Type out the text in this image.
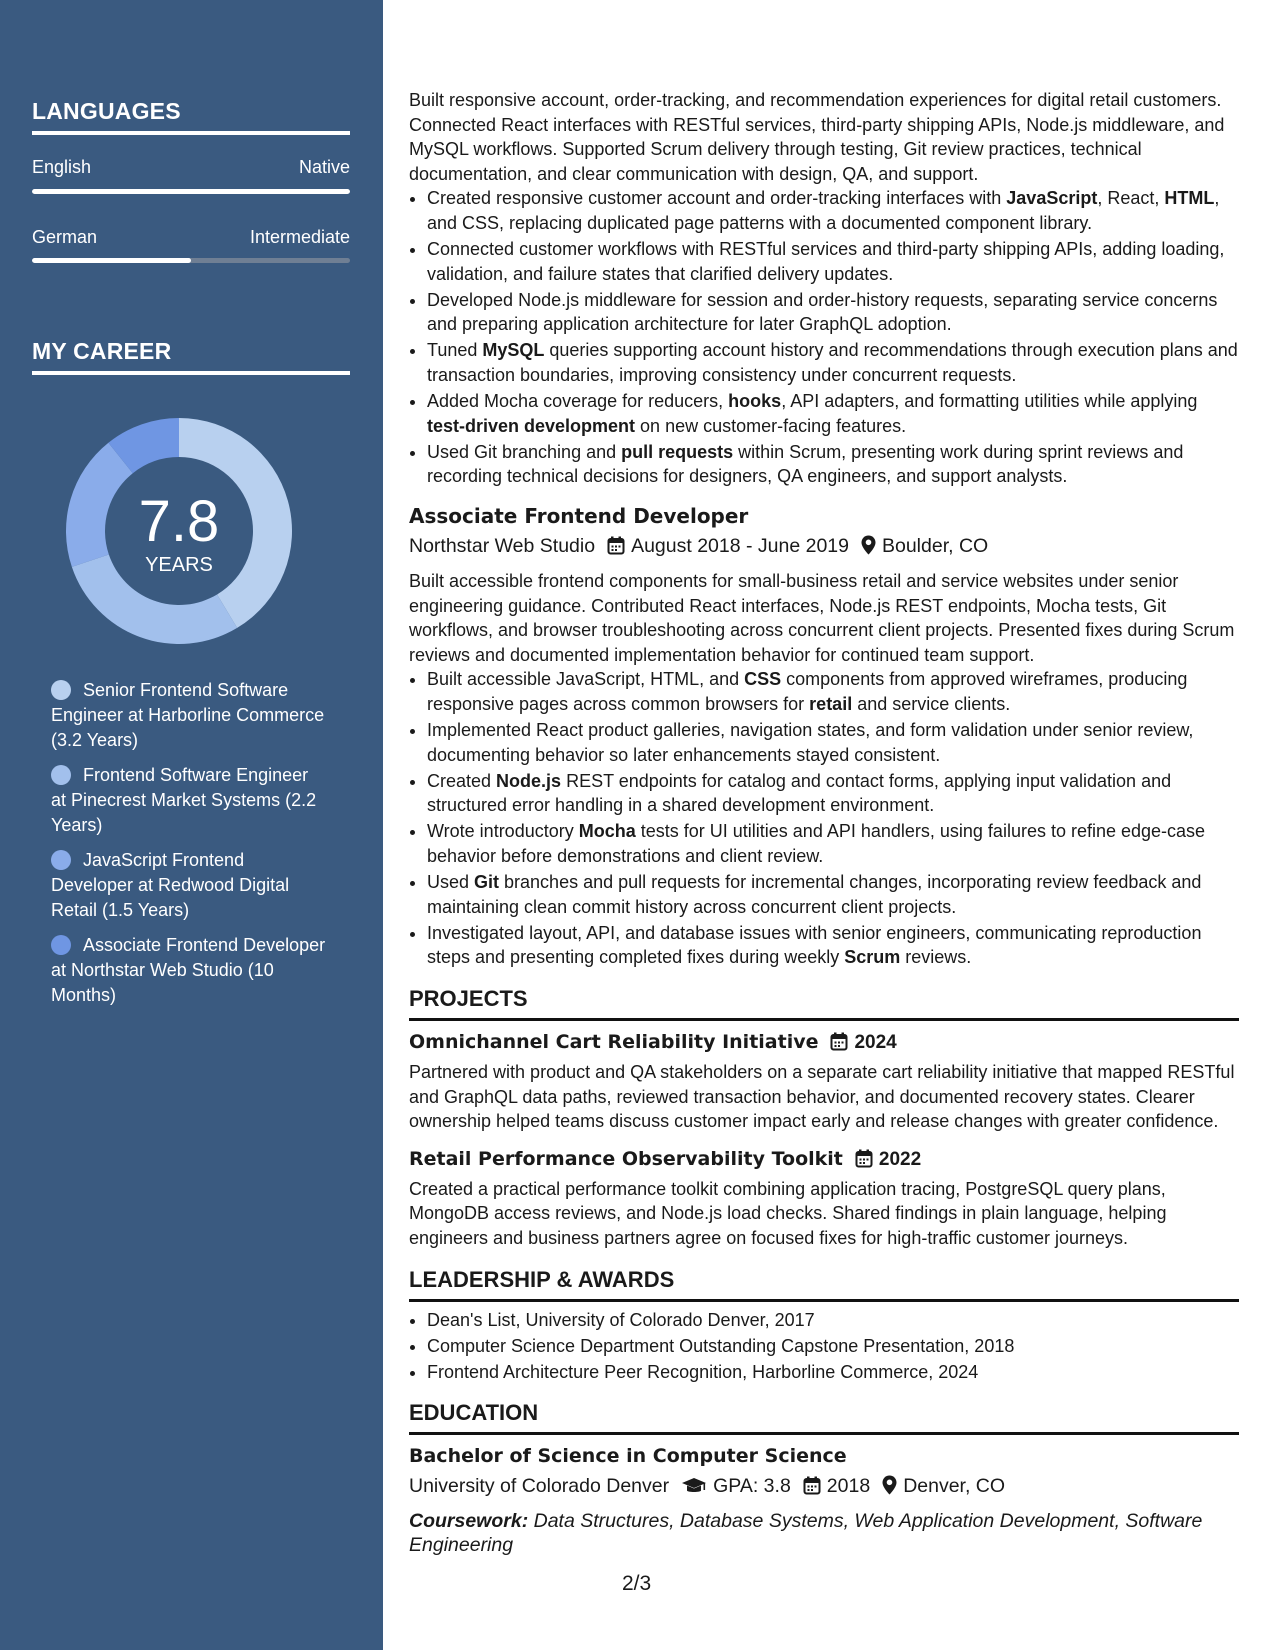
LANGUAGES
English	Native
German	Intermediate
MY CAREER
7.8
YEARS
Senior Frontend Software Engineer at Harborline Commerce (3.2 Years)
Frontend Software Engineer at Pinecrest Market Systems (2.2 Years)
JavaScript Frontend Developer at Redwood Digital Retail (1.5 Years)
Associate Frontend Developer at Northstar Web Studio (10 Months)

Built responsive account, order-tracking, and recommendation experiences for digital retail customers. Connected React interfaces with RESTful services, third-party shipping APIs, Node.js middleware, and MySQL workflows. Supported Scrum delivery through testing, Git review practices, technical documentation, and clear communication with design, QA, and support.

• Created responsive customer account and order-tracking interfaces with JavaScript, React, HTML, and CSS, replacing duplicated page patterns with a documented component library.
• Connected customer workflows with RESTful services and third-party shipping APIs, adding loading, validation, and failure states that clarified delivery updates.
• Developed Node.js middleware for session and order-history requests, separating service concerns and preparing application architecture for later GraphQL adoption.
• Tuned MySQL queries supporting account history and recommendations through execution plans and transaction boundaries, improving consistency under concurrent requests.
• Added Mocha coverage for reducers, hooks, API adapters, and formatting utilities while applying test-driven development on new customer-facing features.
• Used Git branching and pull requests within Scrum, presenting work during sprint reviews and recording technical decisions for designers, QA engineers, and support analysts.
Associate Frontend Developer
Northstar Web Studio August 2018 - June 2019 Boulder, CO

Built accessible frontend components for small-business retail and service websites under senior engineering guidance. Contributed React interfaces, Node.js REST endpoints, Mocha tests, Git workflows, and browser troubleshooting across concurrent client projects. Presented fixes during Scrum reviews and documented implementation behavior for continued team support.

• Built accessible JavaScript, HTML, and CSS components from approved wireframes, producing responsive pages across common browsers for retail and service clients.
• Implemented React product galleries, navigation states, and form validation under senior review, documenting behavior so later enhancements stayed consistent.
• Created Node.js REST endpoints for catalog and contact forms, applying input validation and structured error handling in a shared development environment.
• Wrote introductory Mocha tests for UI utilities and API handlers, using failures to refine edge-case behavior before demonstrations and client review.
• Used Git branches and pull requests for incremental changes, incorporating review feedback and maintaining clean commit history across concurrent client projects.
• Investigated layout, API, and database issues with senior engineers, communicating reproduction steps and presenting completed fixes during weekly Scrum reviews.
PROJECTS
Omnichannel Cart Reliability Initiative 2024

Partnered with product and QA stakeholders on a separate cart reliability initiative that mapped RESTful and GraphQL data paths, reviewed transaction behavior, and documented recovery states. Clearer ownership helped teams discuss customer impact early and release changes with greater confidence.

Retail Performance Observability Toolkit 2022

Created a practical performance toolkit combining application tracing, PostgreSQL query plans, MongoDB access reviews, and Node.js load checks. Shared findings in plain language, helping engineers and business partners agree on focused fixes for high-traffic customer journeys.

LEADERSHIP & AWARDS
• Dean's List, University of Colorado Denver, 2017
• Computer Science Department Outstanding Capstone Presentation, 2018
• Frontend Architecture Peer Recognition, Harborline Commerce, 2024
EDUCATION
Bachelor of Science in Computer Science
University of Colorado Denver GPA: 3.8 2018 Denver, CO
Coursework: Data Structures, Database Systems, Web Application Development, Software Engineering
2/3
